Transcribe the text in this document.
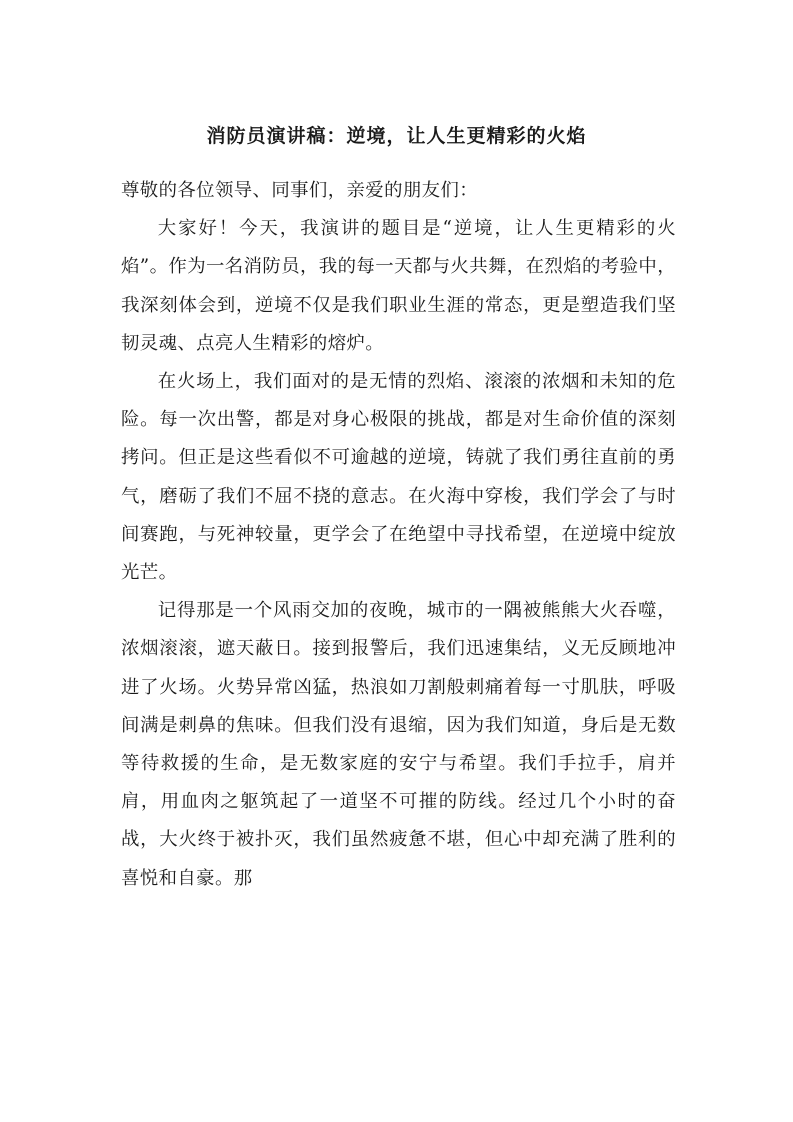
消防员演讲稿：逆境，让人生更精彩的火焰

尊敬的各位领导、同事们，亲爱的朋友们：

大家好！今天，我演讲的题目是“逆境，让人生更精彩的火焰”。作为一名消防员，我的每一天都与火共舞，在烈焰的考验中，我深刻体会到，逆境不仅是我们职业生涯的常态，更是塑造我们坚韧灵魂、点亮人生精彩的熔炉。

在火场上，我们面对的是无情的烈焰、滚滚的浓烟和未知的危险。每一次出警，都是对身心极限的挑战，都是对生命价值的深刻拷问。但正是这些看似不可逾越的逆境，铸就了我们勇往直前的勇气，磨砺了我们不屈不挠的意志。在火海中穿梭，我们学会了与时间赛跑，与死神较量，更学会了在绝望中寻找希望，在逆境中绽放光芒。

记得那是一个风雨交加的夜晚，城市的一隅被熊熊大火吞噬，浓烟滚滚，遮天蔽日。接到报警后，我们迅速集结，义无反顾地冲进了火场。火势异常凶猛，热浪如刀割般刺痛着每一寸肌肤，呼吸间满是刺鼻的焦味。但我们没有退缩，因为我们知道，身后是无数等待救援的生命，是无数家庭的安宁与希望。我们手拉手，肩并肩，用血肉之躯筑起了一道坚不可摧的防线。经过几个小时的奋战，大火终于被扑灭，我们虽然疲惫不堪，但心中却充满了胜利的喜悦和自豪。那
